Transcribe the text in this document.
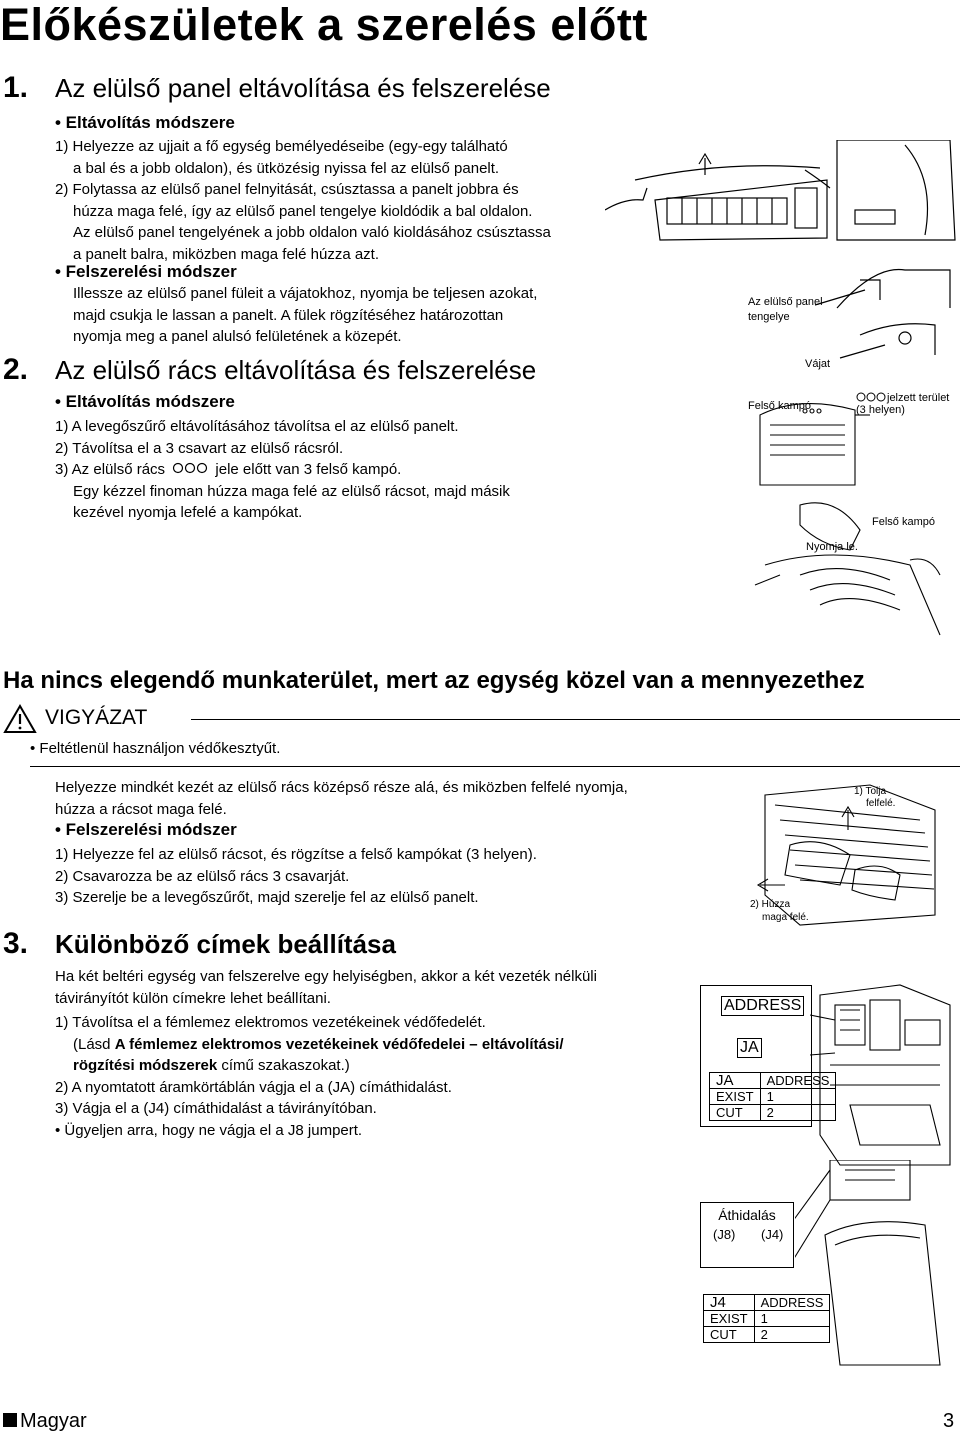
Előkészületek a szerelés előtt
1. Az elülső panel eltávolítása és felszerelése
• Eltávolítás módszere
1) Helyezze az ujjait a fő egység bemélyedéseibe (egy-egy található
a bal és a jobb oldalon), és ütközésig nyissa fel az elülső panelt.
2) Folytassa az elülső panel felnyitását, csúsztassa a panelt jobbra és
húzza maga felé, így az elülső panel tengelye kioldódik a bal oldalon.
Az elülső panel tengelyének a jobb oldalon való kioldásához csúsztassa
a panelt balra, miközben maga felé húzza azt.
• Felszerelési módszer
Illessze az elülső panel füleit a vájatokhoz, nyomja be teljesen azokat,
majd csukja le lassan a panelt. A fülek rögzítéséhez határozottan
nyomja meg a panel alulsó felületének a közepét.
Az elülső panel
tengelye
Vájat
2. Az elülső rács eltávolítása és felszerelése
• Eltávolítás módszere
1) A levegőszűrő eltávolításához távolítsa el az elülső panelt.
2) Távolítsa el a 3 csavart az elülső rácsról.
3) Az elülső rács	jele előtt van 3 felső kampó.
Egy kézzel finoman húzza maga felé az elülső rácsot, majd másik
kezével nyomja lefelé a kampókat.
Felső kampó
jelzett terület
(3 helyen)
Felső kampó
Nyomja le.
Ha nincs elegendő munkaterület, mert az egység közel van a mennyezethez
VIGYÁZAT
• Feltétlenül használjon védőkesztyűt.
Helyezze mindkét kezét az elülső rács középső része alá, és miközben felfelé nyomja,
húzza a rácsot maga felé.
• Felszerelési módszer
1) Helyezze fel az elülső rácsot, és rögzítse a felső kampókat (3 helyen).
2) Csavarozza be az elülső rács 3 csavarját.
3) Szerelje be a levegőszűrőt, majd szerelje fel az elülső panelt.
1) Tolja
felfelé.
2) Húzza
maga felé.
3. Különböző címek beállítása
Ha két beltéri egység van felszerelve egy helyiségben, akkor a két vezeték nélküli
távirányítót külön címekre lehet beállítani.
1) Távolítsa el a fémlemez elektromos vezetékeinek védőfedelét.
(Lásd A fémlemez elektromos vezetékeinek védőfedelei – eltávolítási/
rögzítési módszerek című szakaszokat.)
2) A nyomtatott áramkörtáblán vágja el a (JA) címáthidalást.
3) Vágja el a (J4) címáthidalást a távirányítóban.
• Ügyeljen arra, hogy ne vágja el a J8 jumpert.
ADDRESS
JA
JA	ADDRESS
EXIST	1
CUT	2
Áthidalás
(J8) (J4)
J4	ADDRESS
EXIST	1
CUT	2
Magyar	3
